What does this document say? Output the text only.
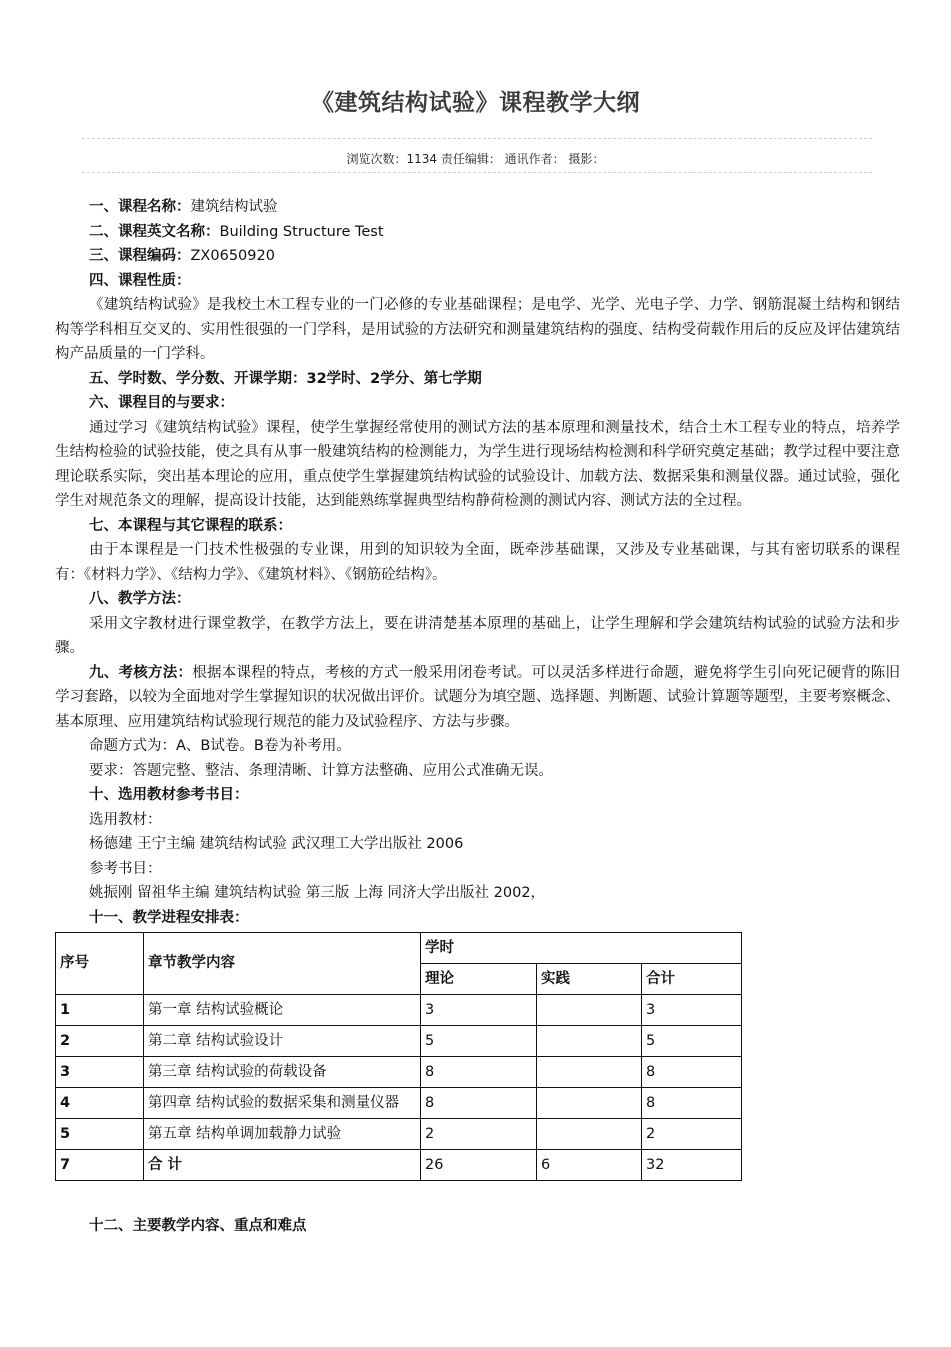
《建筑结构试验》课程教学大纲
浏览次数：1134 责任编辑： 通讯作者： 摄影：
一、课程名称：建筑结构试验
二、课程英文名称：Building Structure Test
三、课程编码：ZX0650920
四、课程性质：
《建筑结构试验》是我校土木工程专业的一门必修的专业基础课程；是电学、光学、光电子学、力学、钢筋混凝土结构和钢结构等学科相互交叉的、实用性很强的一门学科，是用试验的方法研究和测量建筑结构的强度、结构受荷载作用后的反应及评估建筑结构产品质量的一门学科。
五、学时数、学分数、开课学期：32学时、2学分、第七学期
六、课程目的与要求：
通过学习《建筑结构试验》课程，使学生掌握经常使用的测试方法的基本原理和测量技术，结合土木工程专业的特点，培养学生结构检验的试验技能，使之具有从事一般建筑结构的检测能力，为学生进行现场结构检测和科学研究奠定基础；教学过程中要注意理论联系实际，突出基本理论的应用，重点使学生掌握建筑结构试验的试验设计、加载方法、数据采集和测量仪器。通过试验，强化学生对规范条文的理解，提高设计技能，达到能熟练掌握典型结构静荷检测的测试内容、测试方法的全过程。
七、本课程与其它课程的联系：
由于本课程是一门技术性极强的专业课，用到的知识较为全面，既牵涉基础课，又涉及专业基础课，与其有密切联系的课程有：《材料力学》、《结构力学》、《建筑材料》、《钢筋砼结构》。
八、教学方法：
采用文字教材进行课堂教学，在教学方法上，要在讲清楚基本原理的基础上，让学生理解和学会建筑结构试验的试验方法和步骤。
九、考核方法：根据本课程的特点，考核的方式一般采用闭卷考试。可以灵活多样进行命题，避免将学生引向死记硬背的陈旧学习套路，以较为全面地对学生掌握知识的状况做出评价。试题分为填空题、选择题、判断题、试验计算题等题型，主要考察概念、基本原理、应用建筑结构试验现行规范的能力及试验程序、方法与步骤。
命题方式为：A、B试卷。B卷为补考用。
要求：答题完整、整洁、条理清晰、计算方法整确、应用公式准确无误。
十、选用教材参考书目：
选用教材：
杨德建 王宁主编 建筑结构试验 武汉理工大学出版社 2006
参考书目：
姚振刚 留祖华主编 建筑结构试验 第三版 上海 同济大学出版社 2002，
十一、教学进程安排表：
序号	章节教学内容	学时		
		理论	实践	合计
1	第一章 结构试验概论	3		3
2	第二章 结构试验设计	5		5
3	第三章 结构试验的荷载设备	8		8
4	第四章 结构试验的数据采集和测量仪器	8		8
5	第五章 结构单调加载静力试验	2		2
7	合 计	26	6	32
十二、主要教学内容、重点和难点
